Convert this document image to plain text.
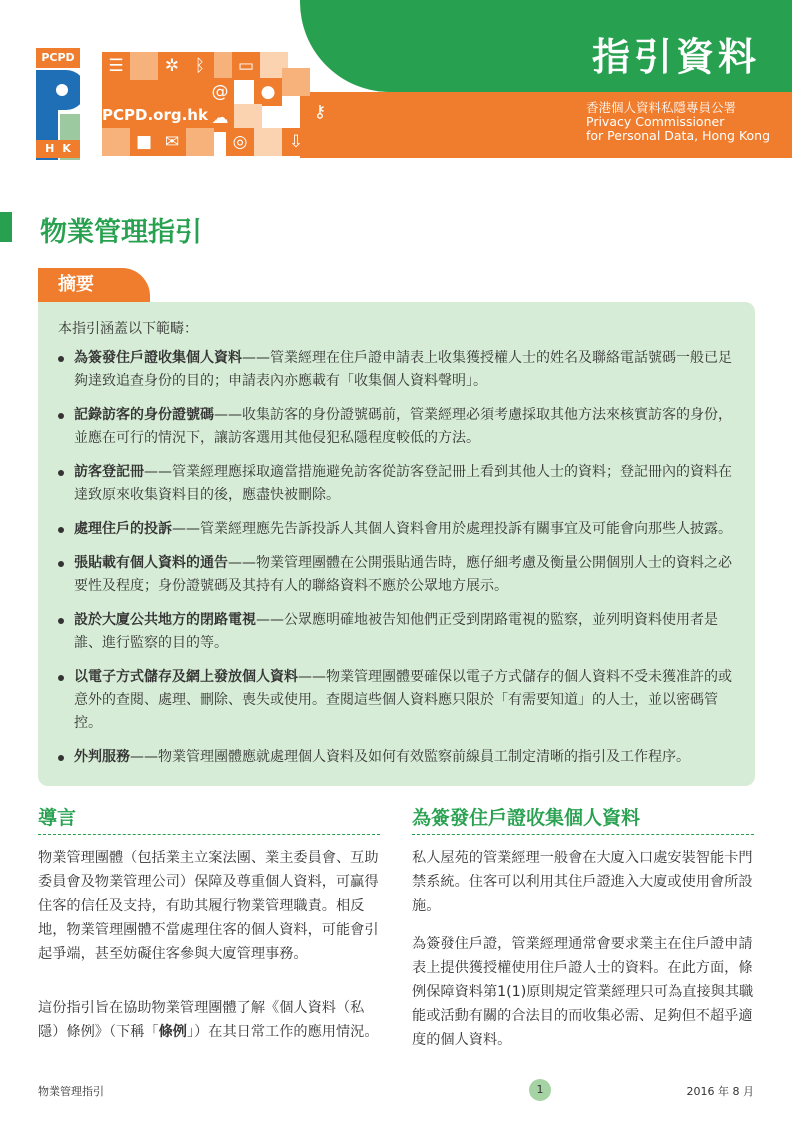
指引資料
香港個人資料私隱專員公署
Privacy Commissioner
for Personal Data, Hong Kong
PCPD
HK
☰	✲ ᛒ	▭
@	●
☁	⚷
■ ✉	◎	⇩
PCPD.org.hk
物業管理指引
摘要
本指引涵蓋以下範疇：
為簽發住戶證收集個人資料——管業經理在住戶證申請表上收集獲授權人士的姓名及聯絡電話號碼一般已足夠達致追查身份的目的；申請表內亦應載有「收集個人資料聲明」。
記錄訪客的身份證號碼——收集訪客的身份證號碼前，管業經理必須考慮採取其他方法來核實訪客的身份，並應在可行的情況下，讓訪客選用其他侵犯私隱程度較低的方法。
訪客登記冊——管業經理應採取適當措施避免訪客從訪客登記冊上看到其他人士的資料；登記冊內的資料在達致原來收集資料目的後，應盡快被刪除。
處理住戶的投訴——管業經理應先告訴投訴人其個人資料會用於處理投訴有關事宜及可能會向那些人披露。
張貼載有個人資料的通告——物業管理團體在公開張貼通告時，應仔細考慮及衡量公開個別人士的資料之必要性及程度；身份證號碼及其持有人的聯絡資料不應於公眾地方展示。
設於大廈公共地方的閉路電視——公眾應明確地被告知他們正受到閉路電視的監察，並列明資料使用者是誰、進行監察的目的等。
以電子方式儲存及網上發放個人資料——物業管理團體要確保以電子方式儲存的個人資料不受未獲准許的或意外的查閱、處理、刪除、喪失或使用。查閱這些個人資料應只限於「有需要知道」的人士，並以密碼管控。
外判服務——物業管理團體應就處理個人資料及如何有效監察前線員工制定清晰的指引及工作程序。
導言

物業管理團體（包括業主立案法團、業主委員會、互助委員會及物業管理公司）保障及尊重個人資料，可贏得住客的信任及支持，有助其履行物業管理職責。相反地，物業管理團體不當處理住客的個人資料，可能會引起爭端，甚至妨礙住客參與大廈管理事務。

這份指引旨在協助物業管理團體了解《個人資料（私隱）條例》（下稱「條例」）在其日常工作的應用情況。

為簽發住戶證收集個人資料

私人屋苑的管業經理一般會在大廈入口處安裝智能卡門禁系統。住客可以利用其住戶證進入大廈或使用會所設施。

為簽發住戶證，管業經理通常會要求業主在住戶證申請表上提供獲授權使用住戶證人士的資料。在此方面，條例保障資料第1(1)原則規定管業經理只可為直接與其職能或活動有關的合法目的而收集必需、足夠但不超乎適度的個人資料。

物業管理指引	1	2016 年 8 月
